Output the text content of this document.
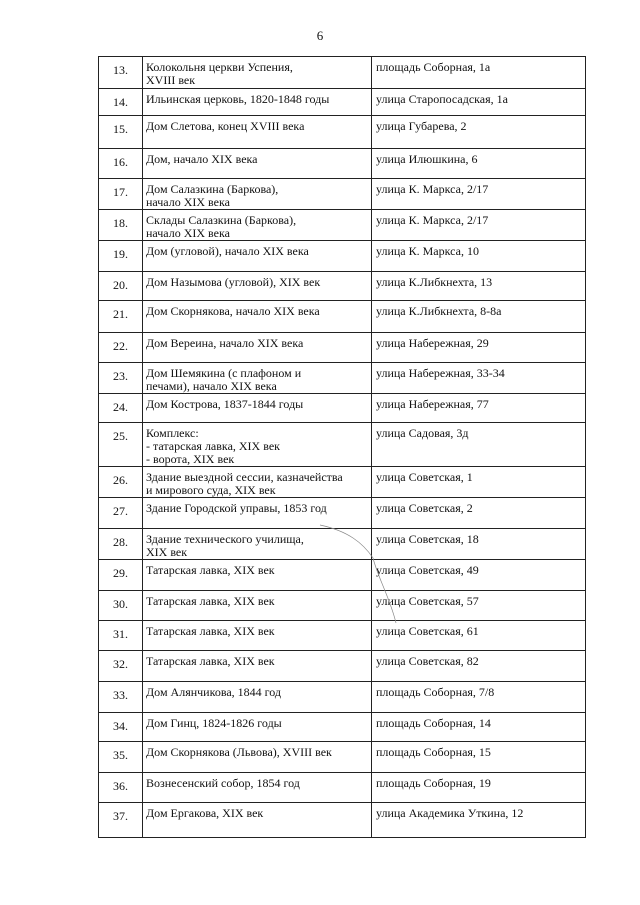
6
13.	Колокольня церкви Успения,
XVIII век	площадь Соборная, 1а
14.	Ильинская церковь, 1820-1848 годы	улица Старопосадская, 1а
15.	Дом Слетова, конец XVIII века	улица Губарева, 2
16.	Дом, начало XIX века	улица Илюшкина, 6
17.	Дом Салазкина (Баркова),
начало XIX века	улица К. Маркса, 2/17
18.	Склады Салазкина (Баркова),
начало XIX века	улица К. Маркса, 2/17
19.	Дом (угловой), начало XIX века	улица К. Маркса, 10
20.	Дом Назымова (угловой), XIX век	улица К.Либкнехта, 13
21.	Дом Скорнякова, начало XIX века	улица К.Либкнехта, 8-8а
22.	Дом Вереина, начало XIX века	улица Набережная, 29
23.	Дом Шемякина (с плафоном и
печами), начало XIX века	улица Набережная, 33-34
24.	Дом Кострова, 1837-1844 годы	улица Набережная, 77
25.	Комплекс:
- татарская лавка, XIX век
- ворота, XIX век	улица Садовая, 3д
26.	Здание выездной сессии, казначейства
и мирового суда, XIX век	улица Советская, 1
27.	Здание Городской управы, 1853 год	улица Советская, 2
28.	Здание технического училища,
XIX век	улица Советская, 18
29.	Татарская лавка, XIX век	улица Советская, 49
30.	Татарская лавка, XIX век	улица Советская, 57
31.	Татарская лавка, XIX век	улица Советская, 61
32.	Татарская лавка, XIX век	улица Советская, 82
33.	Дом Алянчикова, 1844 год	площадь Соборная, 7/8
34.	Дом Гинц, 1824-1826 годы	площадь Соборная, 14
35.	Дом Скорнякова (Львова), XVIII век	площадь Соборная, 15
36.	Вознесенский собор, 1854 год	площадь Соборная, 19
37.	Дом Ергакова, XIX век	улица Академика Уткина, 12
